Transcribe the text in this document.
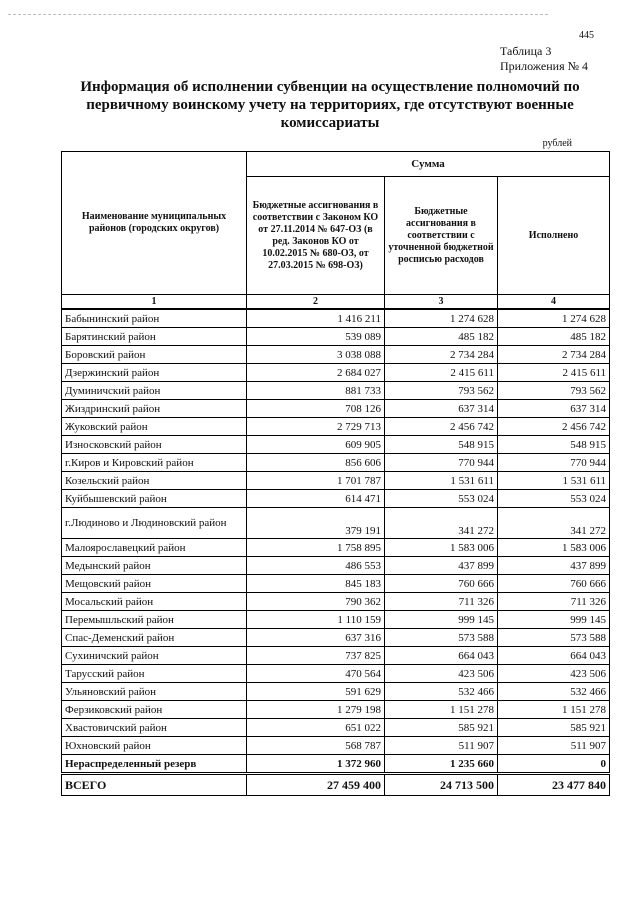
445
Таблица 3
Приложения № 4
Информация об исполнении субвенции на осуществление полномочий по первичному воинскому учету на территориях, где отсутствуют военные комиссариаты
рублей
Наименование муниципальных районов (городских округов)	Сумма		
	Бюджетные ассигнования в соответствии с Законом КО от 27.11.2014 № 647-ОЗ (в ред. Законов КО от 10.02.2015 № 680-ОЗ, от 27.03.2015 № 698-ОЗ)	Бюджетные ассигнования в соответствии с уточненной бюджетной росписью расходов	Исполнено
1	2	3	4
Бабынинский район	1 416 211	1 274 628	1 274 628
Барятинский район	539 089	485 182	485 182
Боровский район	3 038 088	2 734 284	2 734 284
Дзержинский район	2 684 027	2 415 611	2 415 611
Думиничский район	881 733	793 562	793 562
Жиздринский район	708 126	637 314	637 314
Жуковский район	2 729 713	2 456 742	2 456 742
Износковский район	609 905	548 915	548 915
г.Киров и Кировский район	856 606	770 944	770 944
Козельский район	1 701 787	1 531 611	1 531 611
Куйбышевский район	614 471	553 024	553 024
г.Людиново и Людиновский район	379 191	341 272	341 272
Малоярославецкий район	1 758 895	1 583 006	1 583 006
Медынский район	486 553	437 899	437 899
Мещовский район	845 183	760 666	760 666
Мосальский район	790 362	711 326	711 326
Перемышльский район	1 110 159	999 145	999 145
Спас-Деменский район	637 316	573 588	573 588
Сухиничский район	737 825	664 043	664 043
Тарусский район	470 564	423 506	423 506
Ульяновский район	591 629	532 466	532 466
Ферзиковский район	1 279 198	1 151 278	1 151 278
Хвастовичский район	651 022	585 921	585 921
Юхновский район	568 787	511 907	511 907
Нераспределенный резерв	1 372 960	1 235 660	0
ВСЕГО	27 459 400	24 713 500	23 477 840
